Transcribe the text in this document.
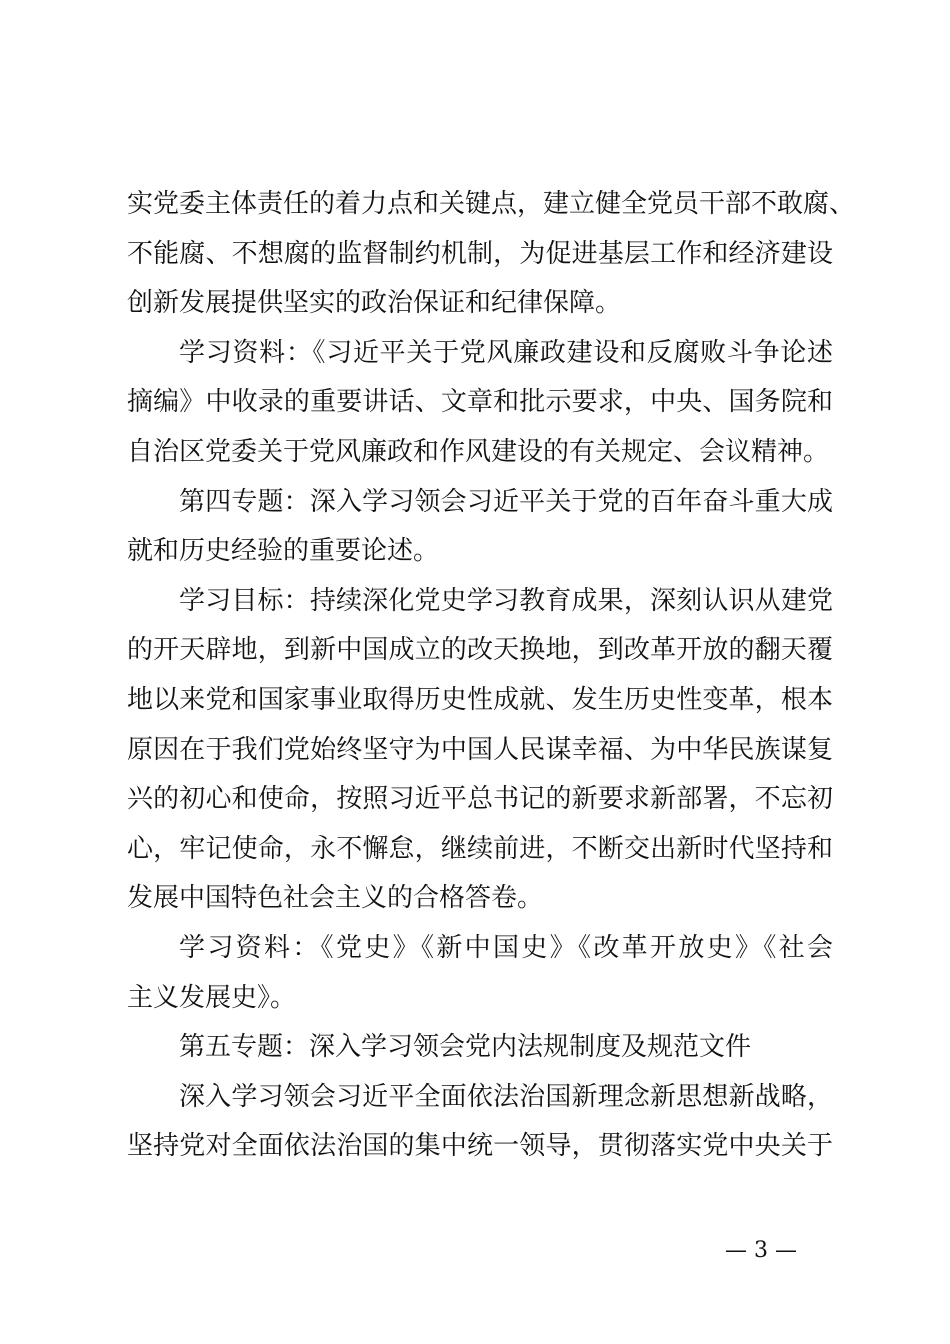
实党委主体责任的着力点和关键点，建立健全党员干部不敢腐、
不能腐、不想腐的监督制约机制，为促进基层工作和经济建设
创新发展提供坚实的政治保证和纪律保障。
学习资料：《习近平关于党风廉政建设和反腐败斗争论述
摘编》中收录的重要讲话、文章和批示要求，中央、国务院和
自治区党委关于党风廉政和作风建设的有关规定、会议精神。
第四专题：深入学习领会习近平关于党的百年奋斗重大成
就和历史经验的重要论述。
学习目标：持续深化党史学习教育成果，深刻认识从建党
的开天辟地，到新中国成立的改天换地，到改革开放的翻天覆
地以来党和国家事业取得历史性成就、发生历史性变革，根本
原因在于我们党始终坚守为中国人民谋幸福、为中华民族谋复
兴的初心和使命，按照习近平总书记的新要求新部署，不忘初
心，牢记使命，永不懈怠，继续前进，不断交出新时代坚持和
发展中国特色社会主义的合格答卷。
学习资料：《党史》《新中国史》《改革开放史》《社会
主义发展史》。
第五专题：深入学习领会党内法规制度及规范文件
深入学习领会习近平全面依法治国新理念新思想新战略，
坚持党对全面依法治国的集中统一领导，贯彻落实党中央关于
— 3 —
